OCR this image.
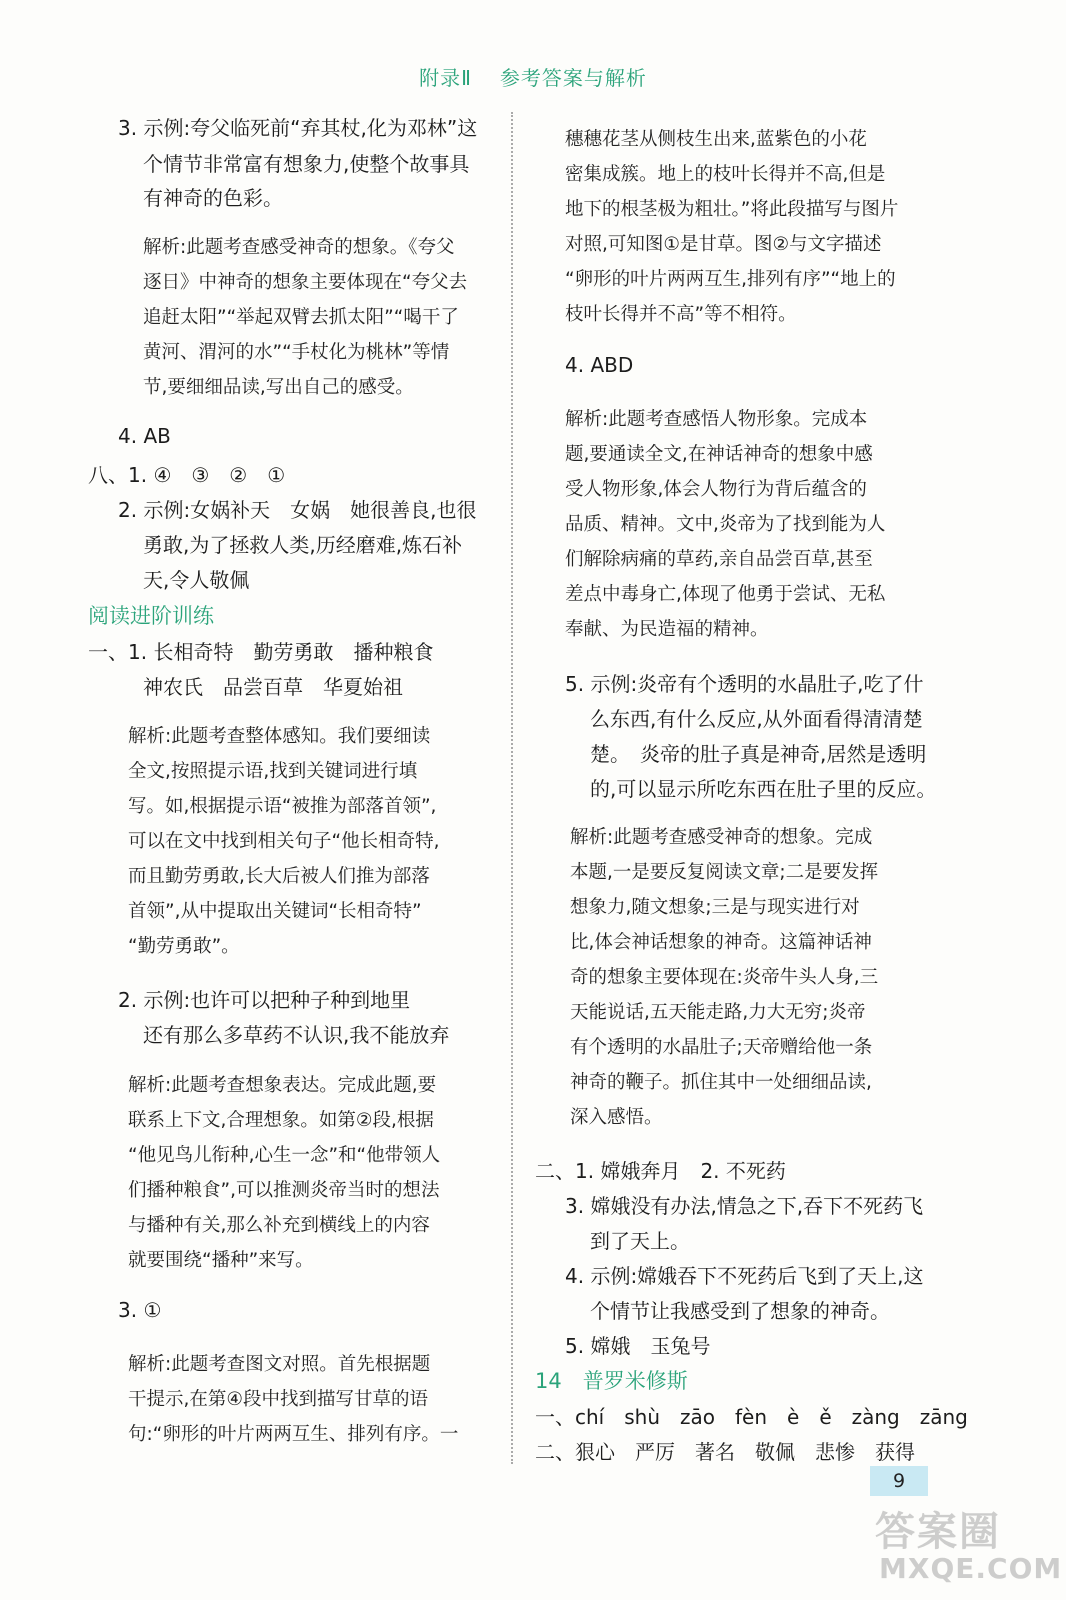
附录Ⅱ 参考答案与解析
3. 示例:夸父临死前“弃其杖,化为邓林”这
个情节非常富有想象力,使整个故事具
有神奇的色彩。
解析:此题考查感受神奇的想象。《夸父
逐日》中神奇的想象主要体现在“夸父去
追赶太阳”“举起双臂去抓太阳”“喝干了
黄河、渭河的水”“手杖化为桃林”等情
节,要细细品读,写出自己的感受。
4. AB
八、1. ④　③　②　①
2. 示例:女娲补天　女娲　她很善良,也很
勇敢,为了拯救人类,历经磨难,炼石补
天,令人敬佩
阅读进阶训练
一、1. 长相奇特　勤劳勇敢　播种粮食
神农氏　品尝百草　华夏始祖
解析:此题考查整体感知。我们要细读
全文,按照提示语,找到关键词进行填
写。如,根据提示语“被推为部落首领”,
可以在文中找到相关句子“他长相奇特,
而且勤劳勇敢,长大后被人们推为部落
首领”,从中提取出关键词“长相奇特”
“勤劳勇敢”。
2. 示例:也许可以把种子种到地里
还有那么多草药不认识,我不能放弃
解析:此题考查想象表达。完成此题,要
联系上下文,合理想象。如第②段,根据
“他见鸟儿衔种,心生一念”和“他带领人
们播种粮食”,可以推测炎帝当时的想法
与播种有关,那么补充到横线上的内容
就要围绕“播种”来写。
3. ①
解析:此题考查图文对照。首先根据题
干提示,在第④段中找到描写甘草的语
句:“卵形的叶片两两互生、排列有序。一
穗穗花茎从侧枝生出来,蓝紫色的小花
密集成簇。地上的枝叶长得并不高,但是
地下的根茎极为粗壮。”将此段描写与图片
对照,可知图①是甘草。图②与文字描述
“卵形的叶片两两互生,排列有序”“地上的
枝叶长得并不高”等不相符。
4. ABD
解析:此题考查感悟人物形象。完成本
题,要通读全文,在神话神奇的想象中感
受人物形象,体会人物行为背后蕴含的
品质、精神。文中,炎帝为了找到能为人
们解除病痛的草药,亲自品尝百草,甚至
差点中毒身亡,体现了他勇于尝试、无私
奉献、为民造福的精神。
5. 示例:炎帝有个透明的水晶肚子,吃了什
么东西,有什么反应,从外面看得清清楚
楚。　炎帝的肚子真是神奇,居然是透明
的,可以显示所吃东西在肚子里的反应。
解析:此题考查感受神奇的想象。完成
本题,一是要反复阅读文章;二是要发挥
想象力,随文想象;三是与现实进行对
比,体会神话想象的神奇。这篇神话神
奇的想象主要体现在:炎帝牛头人身,三
天能说话,五天能走路,力大无穷;炎帝
有个透明的水晶肚子;天帝赠给他一条
神奇的鞭子。抓住其中一处细细品读,
深入感悟。
二、1. 嫦娥奔月　2. 不死药
3. 嫦娥没有办法,情急之下,吞下不死药飞
到了天上。
4. 示例:嫦娥吞下不死药后飞到了天上,这
个情节让我感受到了想象的神奇。
5. 嫦娥　玉兔号
14　普罗米修斯
一、chí　shù　zāo　fèn　è　ě　zàng　zāng
二、狠心　严厉　著名　敬佩　悲惨　获得
9
答案圈
MXQE.COM
